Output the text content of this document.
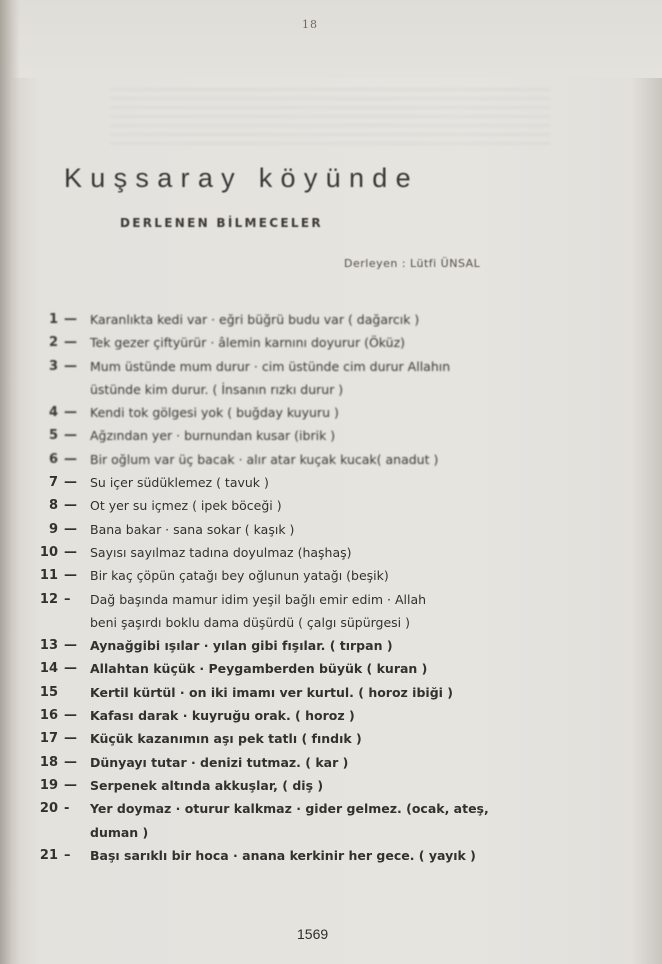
18
Kuşsaray köyünde
DERLENEN BİLMECELER
Derleyen : Lütfi ÜNSAL
1 — Karanlıkta kedi var · eğri büğrü budu var ( dağarcık )
2 — Tek gezer çiftyürür · âlemin karnını doyurur (Öküz)
3 — Mum üstünde mum durur · cim üstünde cim durur Allahın
üstünde kim durur. ( İnsanın rızkı durur )
4 — Kendi tok gölgesi yok ( buğday kuyuru )
5 — Ağzından yer · burnundan kusar (ibrik )
6 — Bir oğlum var üç bacak · alır atar kuçak kucak( anadut )
7 — Su içer südüklemez ( tavuk )
8 — Ot yer su içmez ( ipek böceği )
9 — Bana bakar · sana sokar ( kaşık )
10 — Sayısı sayılmaz tadına doyulmaz (haşhaş)
11 — Bir kaç çöpün çatağı bey oğlunun yatağı (beşik)
12 – Dağ başında mamur idim yeşil bağlı emir edim · Allah
beni şaşırdı boklu dama düşürdü ( çalgı süpürgesi )
13 — Aynağgibi ışılar · yılan gibi fışılar. ( tırpan )
14 — Allahtan küçük · Peygamberden büyük ( kuran )
15	Kertil kürtül · on iki imamı ver kurtul. ( horoz ibiği )
16 — Kafası darak · kuyruğu orak. ( horoz )
17 — Küçük kazanımın aşı pek tatlı ( fındık )
18 — Dünyayı tutar · denizi tutmaz. ( kar )
19 — Serpenek altında akkuşlar, ( diş )
20 - Yer doymaz · oturur kalkmaz · gider gelmez. (ocak, ateş,
duman )
21 – Başı sarıklı bir hoca · anana kerkinir her gece. ( yayık )
1569
